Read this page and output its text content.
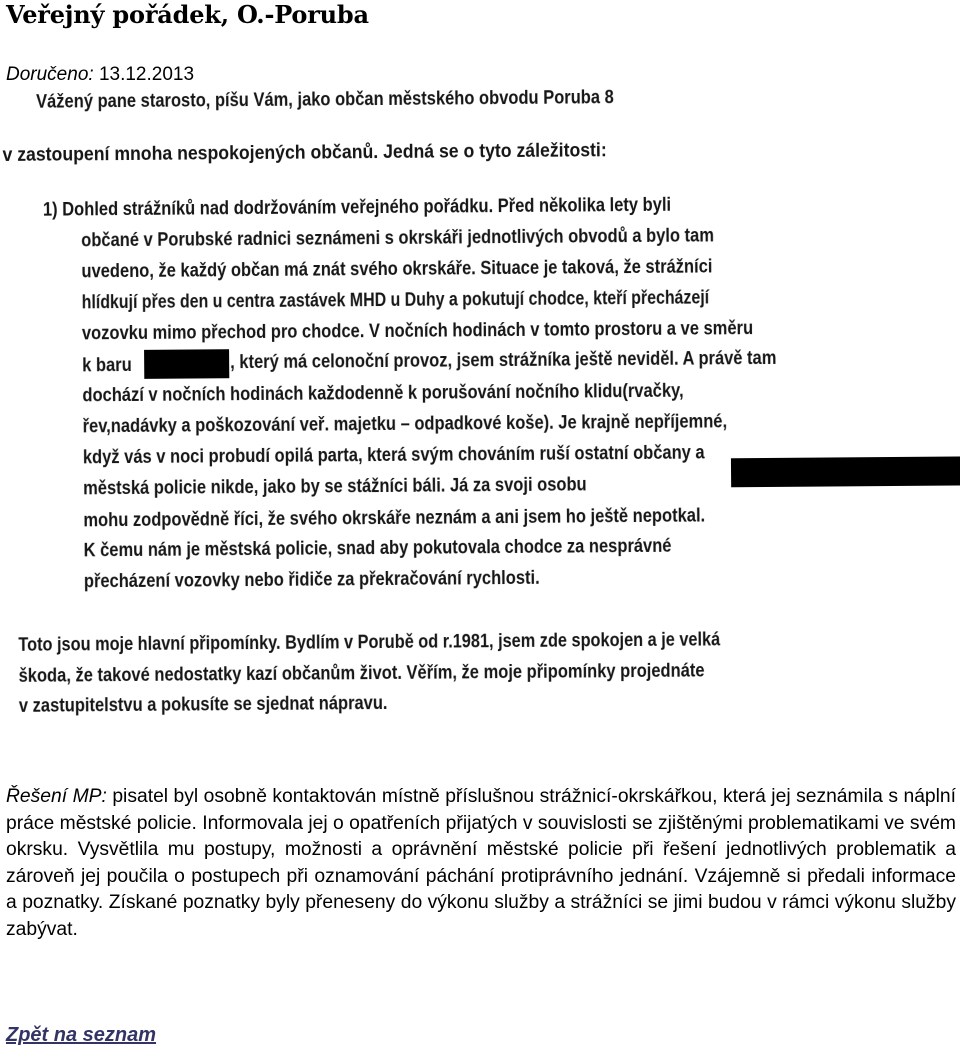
Veřejný pořádek, O.-Poruba
Doručeno: 13.12.2013
Vážený pane starosto, píšu Vám, jako občan městského obvodu Poruba 8
v zastoupení mnoha nespokojených občanů. Jedná se o tyto záležitosti:
1) Dohled strážníků nad dodržováním veřejného pořádku. Před několika lety byli
občané v Porubské radnici seznámeni s okrskáři jednotlivých obvodů a bylo tam
uvedeno, že každý občan má znát svého okrskáře. Situace je taková, že strážníci
hlídkují přes den u centra zastávek MHD u Duhy a pokutují chodce, kteří přecházejí
vozovku mimo přechod pro chodce. V nočních hodinách v tomto prostoru a ve směru
k baru	, který má celonoční provoz, jsem strážníka ještě neviděl. A právě tam
dochází v nočních hodinách každodenně k porušování nočního klidu(rvačky,
řev,nadávky a poškozování veř. majetku – odpadkové koše). Je krajně nepříjemné,
když vás v noci probudí opilá parta, která svým chováním ruší ostatní občany a
městská policie nikde, jako by se stážníci báli. Já za svoji osobu
mohu zodpovědně říci, že svého okrskáře neznám a ani jsem ho ještě nepotkal.
K čemu nám je městská policie, snad aby pokutovala chodce za nesprávné
přecházení vozovky nebo řidiče za překračování rychlosti.
Toto jsou moje hlavní připomínky. Bydlím v Porubě od r.1981, jsem zde spokojen a je velká
škoda, že takové nedostatky kazí občanům život. Věřím, že moje připomínky projednáte
v zastupitelstvu a pokusíte se sjednat nápravu.
Řešení MP: pisatel byl osobně kontaktován místně příslušnou strážnicí-okrskářkou, která jej seznámila s náplní práce městské policie. Informovala jej o opatřeních přijatých v souvislosti se zjištěnými problematikami ve svém okrsku. Vysvětlila mu postupy, možnosti a oprávnění městské policie při řešení jednotlivých problematik a zároveň jej poučila o postupech při oznamování páchání protiprávního jednání. Vzájemně si předali informace a poznatky. Získané poznatky byly přeneseny do výkonu služby a strážníci se jimi budou v rámci výkonu služby zabývat.
Zpět na seznam
